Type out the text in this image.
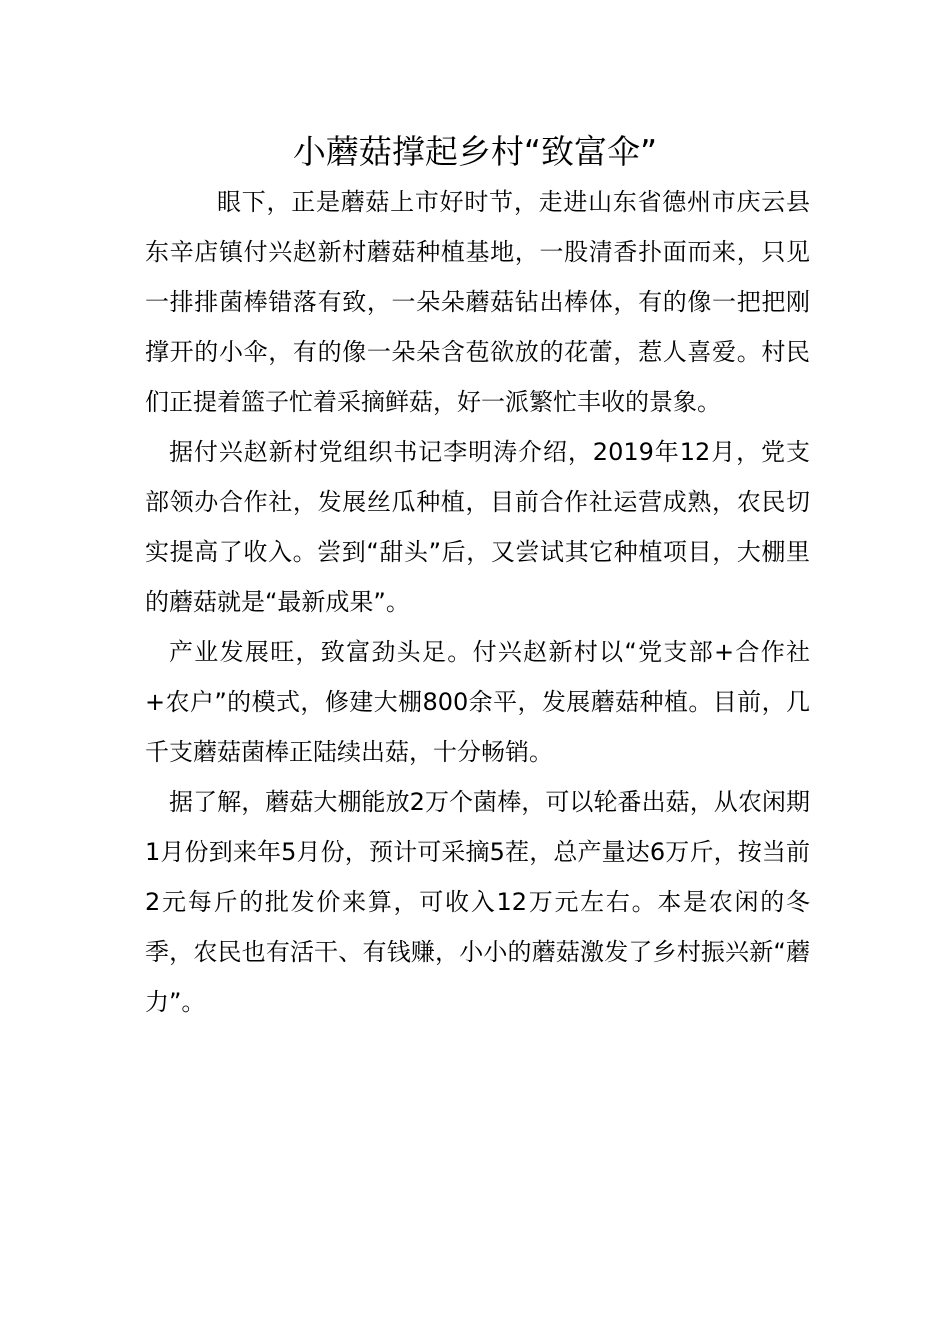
小蘑菇撑起乡村“致富伞”

眼下，正是蘑菇上市好时节，走进山东省德州市庆云县东辛店镇付兴赵新村蘑菇种植基地，一股清香扑面而来，只见一排排菌棒错落有致，一朵朵蘑菇钻出棒体，有的像一把把刚撑开的小伞，有的像一朵朵含苞欲放的花蕾，惹人喜爱。村民们正提着篮子忙着采摘鲜菇，好一派繁忙丰收的景象。

据付兴赵新村党组织书记李明涛介绍，2019年12月，党支部领办合作社，发展丝瓜种植，目前合作社运营成熟，农民切实提高了收入。尝到“甜头”后，又尝试其它种植项目，大棚里的蘑菇就是“最新成果”。

产业发展旺，致富劲头足。付兴赵新村以“党支部+合作社+农户”的模式，修建大棚800余平，发展蘑菇种植。目前，几千支蘑菇菌棒正陆续出菇，十分畅销。

据了解，蘑菇大棚能放2万个菌棒，可以轮番出菇，从农闲期1月份到来年5月份，预计可采摘5茬，总产量达6万斤，按当前2元每斤的批发价来算，可收入12万元左右。本是农闲的冬季，农民也有活干、有钱赚，小小的蘑菇激发了乡村振兴新“蘑力”。
